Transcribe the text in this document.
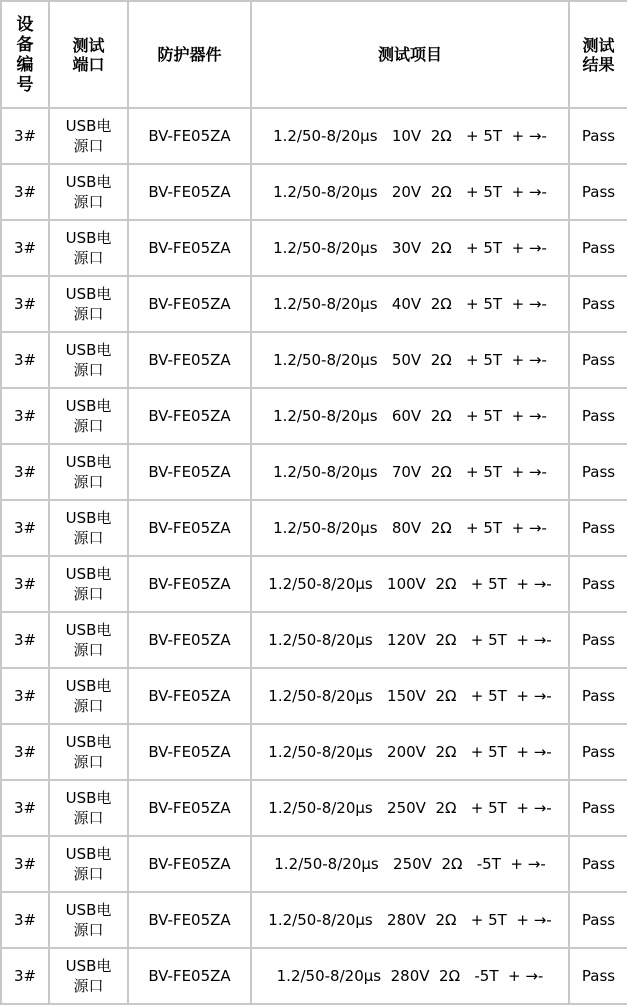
设备编号	测试端口	防护器件	测试项目	测试结果
3#	USB电源口	BV-FE05ZA	1.2/50-8/20μs   10V  2Ω   + 5T  + →-	Pass
3#	USB电源口	BV-FE05ZA	1.2/50-8/20μs   20V  2Ω   + 5T  + →-	Pass
3#	USB电源口	BV-FE05ZA	1.2/50-8/20μs   30V  2Ω   + 5T  + →-	Pass
3#	USB电源口	BV-FE05ZA	1.2/50-8/20μs   40V  2Ω   + 5T  + →-	Pass
3#	USB电源口	BV-FE05ZA	1.2/50-8/20μs   50V  2Ω   + 5T  + →-	Pass
3#	USB电源口	BV-FE05ZA	1.2/50-8/20μs   60V  2Ω   + 5T  + →-	Pass
3#	USB电源口	BV-FE05ZA	1.2/50-8/20μs   70V  2Ω   + 5T  + →-	Pass
3#	USB电源口	BV-FE05ZA	1.2/50-8/20μs   80V  2Ω   + 5T  + →-	Pass
3#	USB电源口	BV-FE05ZA	1.2/50-8/20μs   100V  2Ω   + 5T  + →-	Pass
3#	USB电源口	BV-FE05ZA	1.2/50-8/20μs   120V  2Ω   + 5T  + →-	Pass
3#	USB电源口	BV-FE05ZA	1.2/50-8/20μs   150V  2Ω   + 5T  + →-	Pass
3#	USB电源口	BV-FE05ZA	1.2/50-8/20μs   200V  2Ω   + 5T  + →-	Pass
3#	USB电源口	BV-FE05ZA	1.2/50-8/20μs   250V  2Ω   + 5T  + →-	Pass
3#	USB电源口	BV-FE05ZA	1.2/50-8/20μs   250V  2Ω   -5T  + →-	Pass
3#	USB电源口	BV-FE05ZA	1.2/50-8/20μs   280V  2Ω   + 5T  + →-	Pass
3#	USB电源口	BV-FE05ZA	1.2/50-8/20μs  280V  2Ω   -5T  + →-	Pass
